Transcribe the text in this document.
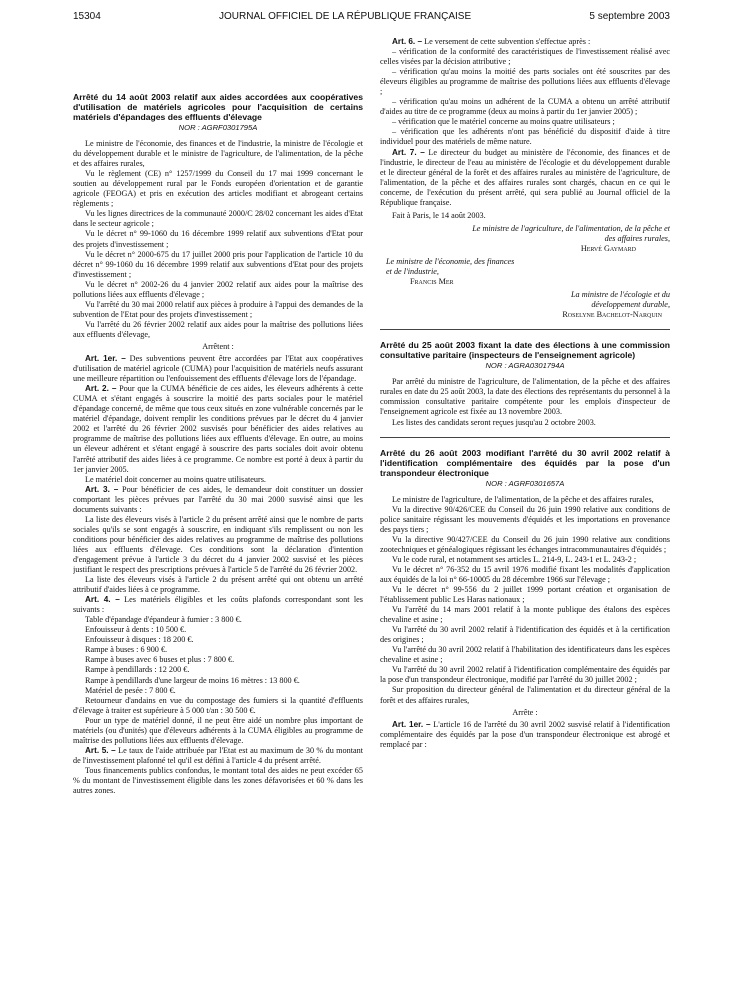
15304	JOURNAL OFFICIEL DE LA RÉPUBLIQUE FRANÇAISE	5 septembre 2003
Arrêté du 14 août 2003 relatif aux aides accordées aux coopératives d'utilisation de matériels agricoles pour l'acquisition de certains matériels d'épandages des effluents d'élevage
NOR : AGRF0301795A

Le ministre de l'économie, des finances et de l'industrie, la ministre de l'écologie et du développement durable et le ministre de l'agriculture, de l'alimentation, de la pêche et des affaires rurales,

Vu le règlement (CE) n° 1257/1999 du Conseil du 17 mai 1999 concernant le soutien au développement rural par le Fonds européen d'orientation et de garantie agricole (FEOGA) et pris en exécution des articles modifiant et abrogeant certains règlements ;

Vu les lignes directrices de la communauté 2000/C 28/02 concernant les aides d'Etat dans le secteur agricole ;

Vu le décret n° 99-1060 du 16 décembre 1999 relatif aux subventions d'Etat pour des projets d'investissement ;

Vu le décret n° 2000-675 du 17 juillet 2000 pris pour l'application de l'article 10 du décret n° 99-1060 du 16 décembre 1999 relatif aux subventions d'Etat pour des projets d'investissement ;

Vu le décret n° 2002-26 du 4 janvier 2002 relatif aux aides pour la maîtrise des pollutions liées aux effluents d'élevage ;

Vu l'arrêté du 30 mai 2000 relatif aux pièces à produire à l'appui des demandes de la subvention de l'Etat pour des projets d'investissement ;

Vu l'arrêté du 26 février 2002 relatif aux aides pour la maîtrise des pollutions liées aux effluents d'élevage,

Arrêtent :

Art. 1er. – Des subventions peuvent être accordées par l'Etat aux coopératives d'utilisation de matériel agricole (CUMA) pour l'acquisition de matériels neufs assurant une meilleure répartition ou l'enfouissement des effluents d'élevage lors de l'épandage.

Art. 2. – Pour que la CUMA bénéficie de ces aides, les éleveurs adhérents à cette CUMA et s'étant engagés à souscrire la moitié des parts sociales pour le matériel d'épandage concerné, de même que tous ceux situés en zone vulnérable concernés par le matériel d'épandage, doivent remplir les conditions prévues par le décret du 4 janvier 2002 et l'arrêté du 26 février 2002 susvisés pour bénéficier des aides relatives au programme de maîtrise des pollutions liées aux effluents d'élevage. En outre, au moins un éleveur adhérent et s'étant engagé à souscrire des parts sociales doit avoir obtenu l'arrêté attributif des aides liées à ce programme. Ce nombre est porté à deux à partir du 1er janvier 2005.

Le matériel doit concerner au moins quatre utilisateurs.

Art. 3. – Pour bénéficier de ces aides, le demandeur doit constituer un dossier comportant les pièces prévues par l'arrêté du 30 mai 2000 susvisé ainsi que les documents suivants :

La liste des éleveurs visés à l'article 2 du présent arrêté ainsi que le nombre de parts sociales qu'ils se sont engagés à souscrire, en indiquant s'ils remplissent ou non les conditions pour bénéficier des aides relatives au programme de maîtrise des pollutions liées aux effluents d'élevage. Ces conditions sont la déclaration d'intention d'engagement prévue à l'article 3 du décret du 4 janvier 2002 susvisé et les pièces justifiant le respect des prescriptions prévues à l'article 5 de l'arrêté du 26 février 2002.

La liste des éleveurs visés à l'article 2 du présent arrêté qui ont obtenu un arrêté attributif d'aides liées à ce programme.

Art. 4. – Les matériels éligibles et les coûts plafonds correspondant sont les suivants :

Table d'épandage d'épandeur à fumier : 3 800 €.

Enfouisseur à dents : 10 500 €.

Enfouisseur à disques : 18 200 €.

Rampe à buses : 6 900 €.

Rampe à buses avec 6 buses et plus : 7 800 €.

Rampe à pendillards : 12 200 €.

Rampe à pendillards d'une largeur de moins 16 mètres : 13 800 €.

Matériel de pesée : 7 800 €.

Retourneur d'andains en vue du compostage des fumiers si la quantité d'effluents d'élevage à traiter est supérieure à 5 000 t/an : 30 500 €.

Pour un type de matériel donné, il ne peut être aidé un nombre plus important de matériels (ou d'unités) que d'éleveurs adhérents à la CUMA éligibles au programme de maîtrise des pollutions liées aux effluents d'élevage.

Art. 5. – Le taux de l'aide attribuée par l'Etat est au maximum de 30 % du montant de l'investissement plafonné tel qu'il est défini à l'article 4 du présent arrêté.

Tous financements publics confondus, le montant total des aides ne peut excéder 65 % du montant de l'investissement éligible dans les zones défavorisées et 60 % dans les autres zones.

Art. 6. – Le versement de cette subvention s'effectue après :

– vérification de la conformité des caractéristiques de l'investissement réalisé avec celles visées par la décision attributive ;

– vérification qu'au moins la moitié des parts sociales ont été souscrites par des éleveurs éligibles au programme de maîtrise des pollutions liées aux effluents d'élevage ;

– vérification qu'au moins un adhérent de la CUMA a obtenu un arrêté attributif d'aides au titre de ce programme (deux au moins à partir du 1er janvier 2005) ;

– vérification que le matériel concerne au moins quatre utilisateurs ;

– vérification que les adhérents n'ont pas bénéficié du dispositif d'aide à titre individuel pour des matériels de même nature.

Art. 7. – Le directeur du budget au ministère de l'économie, des finances et de l'industrie, le directeur de l'eau au ministère de l'écologie et du développement durable et le directeur général de la forêt et des affaires rurales au ministère de l'agriculture, de l'alimentation, de la pêche et des affaires rurales sont chargés, chacun en ce qui le concerne, de l'exécution du présent arrêté, qui sera publié au Journal officiel de la République française.

Fait à Paris, le 14 août 2003.

Le ministre de l'agriculture, de l'alimentation, de la pêche et des affaires rurales,

Hervé Gaymard

Le ministre de l'économie, des finances et de l'industrie,

Francis Mer

La ministre de l'écologie et du développement durable,

Roselyne Bachelot-Narquin

Arrêté du 25 août 2003 fixant la date des élections à une commission consultative paritaire (inspecteurs de l'enseignement agricole)
NOR : AGRA0301794A

Par arrêté du ministre de l'agriculture, de l'alimentation, de la pêche et des affaires rurales en date du 25 août 2003, la date des élections des représentants du personnel à la commission consultative paritaire compétente pour les emplois d'inspecteur de l'enseignement agricole est fixée au 13 novembre 2003.

Les listes des candidats seront reçues jusqu'au 2 octobre 2003.

Arrêté du 26 août 2003 modifiant l'arrêté du 30 avril 2002 relatif à l'identification complémentaire des équidés par la pose d'un transpondeur électronique
NOR : AGRF0301657A

Le ministre de l'agriculture, de l'alimentation, de la pêche et des affaires rurales,

Vu la directive 90/426/CEE du Conseil du 26 juin 1990 relative aux conditions de police sanitaire régissant les mouvements d'équidés et les importations en provenance des pays tiers ;

Vu la directive 90/427/CEE du Conseil du 26 juin 1990 relative aux conditions zootechniques et généalogiques régissant les échanges intracommunautaires d'équidés ;

Vu le code rural, et notamment ses articles L. 214-9, L. 243-1 et L. 243-2 ;

Vu le décret n° 76-352 du 15 avril 1976 modifié fixant les modalités d'application aux équidés de la loi n° 66-10005 du 28 décembre 1966 sur l'élevage ;

Vu le décret n° 99-556 du 2 juillet 1999 portant création et organisation de l'établissement public Les Haras nationaux ;

Vu l'arrêté du 14 mars 2001 relatif à la monte publique des étalons des espèces chevaline et asine ;

Vu l'arrêté du 30 avril 2002 relatif à l'identification des équidés et à la certification des origines ;

Vu l'arrêté du 30 avril 2002 relatif à l'habilitation des identificateurs dans les espèces chevaline et asine ;

Vu l'arrêté du 30 avril 2002 relatif à l'identification complémentaire des équidés par la pose d'un transpondeur électronique, modifié par l'arrêté du 30 juillet 2002 ;

Sur proposition du directeur général de l'alimentation et du directeur général de la forêt et des affaires rurales,

Arrête :

Art. 1er. – L'article 16 de l'arrêté du 30 avril 2002 susvisé relatif à l'identification complémentaire des équidés par la pose d'un transpondeur électronique est abrogé et remplacé par :
